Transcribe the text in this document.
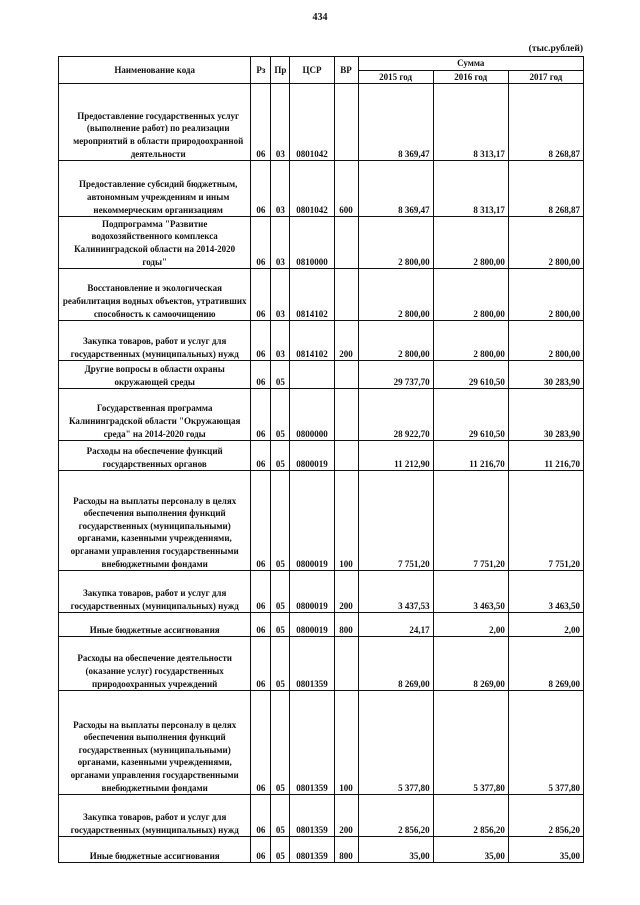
434
(тыс.рублей)
Наименование кода	Рз	Пр	ЦСР	ВР	Сумма		
					2015 год	2016 год	2017 год
Предоставление государственных услуг (выполнение работ) по реализации мероприятий в области природоохранной деятельности	06	03	0801042		8 369,47	8 313,17	8 268,87
Предоставление субсидий бюджетным, автономным учреждениям и иным некоммерческим организациям	06	03	0801042	600	8 369,47	8 313,17	8 268,87
Подпрограмма "Развитие водохозяйственного комплекса Калининградской области на 2014-2020 годы"	06	03	0810000		2 800,00	2 800,00	2 800,00
Восстановление и экологическая реабилитация водных объектов, утративших способность к самоочищению	06	03	0814102		2 800,00	2 800,00	2 800,00
Закупка товаров, работ и услуг для государственных (муниципальных) нужд	06	03	0814102	200	2 800,00	2 800,00	2 800,00
Другие вопросы в области охраны окружающей среды	06	05			29 737,70	29 610,50	30 283,90
Государственная программа Калининградской области "Окружающая среда" на 2014-2020 годы	06	05	0800000		28 922,70	29 610,50	30 283,90
Расходы на обеспечение функций государственных органов	06	05	0800019		11 212,90	11 216,70	11 216,70
Расходы на выплаты персоналу в целях обеспечения выполнения функций государственных (муниципальными) органами, казенными учреждениями, органами управления государственными внебюджетными фондами	06	05	0800019	100	7 751,20	7 751,20	7 751,20
Закупка товаров, работ и услуг для государственных (муниципальных) нужд	06	05	0800019	200	3 437,53	3 463,50	3 463,50
Иные бюджетные ассигнования	06	05	0800019	800	24,17	2,00	2,00
Расходы на обеспечение деятельности (оказание услуг) государственных природоохранных учреждений	06	05	0801359		8 269,00	8 269,00	8 269,00
Расходы на выплаты персоналу в целях обеспечения выполнения функций государственных (муниципальными) органами, казенными учреждениями, органами управления государственными внебюджетными фондами	06	05	0801359	100	5 377,80	5 377,80	5 377,80
Закупка товаров, работ и услуг для государственных (муниципальных) нужд	06	05	0801359	200	2 856,20	2 856,20	2 856,20
Иные бюджетные ассигнования	06	05	0801359	800	35,00	35,00	35,00
